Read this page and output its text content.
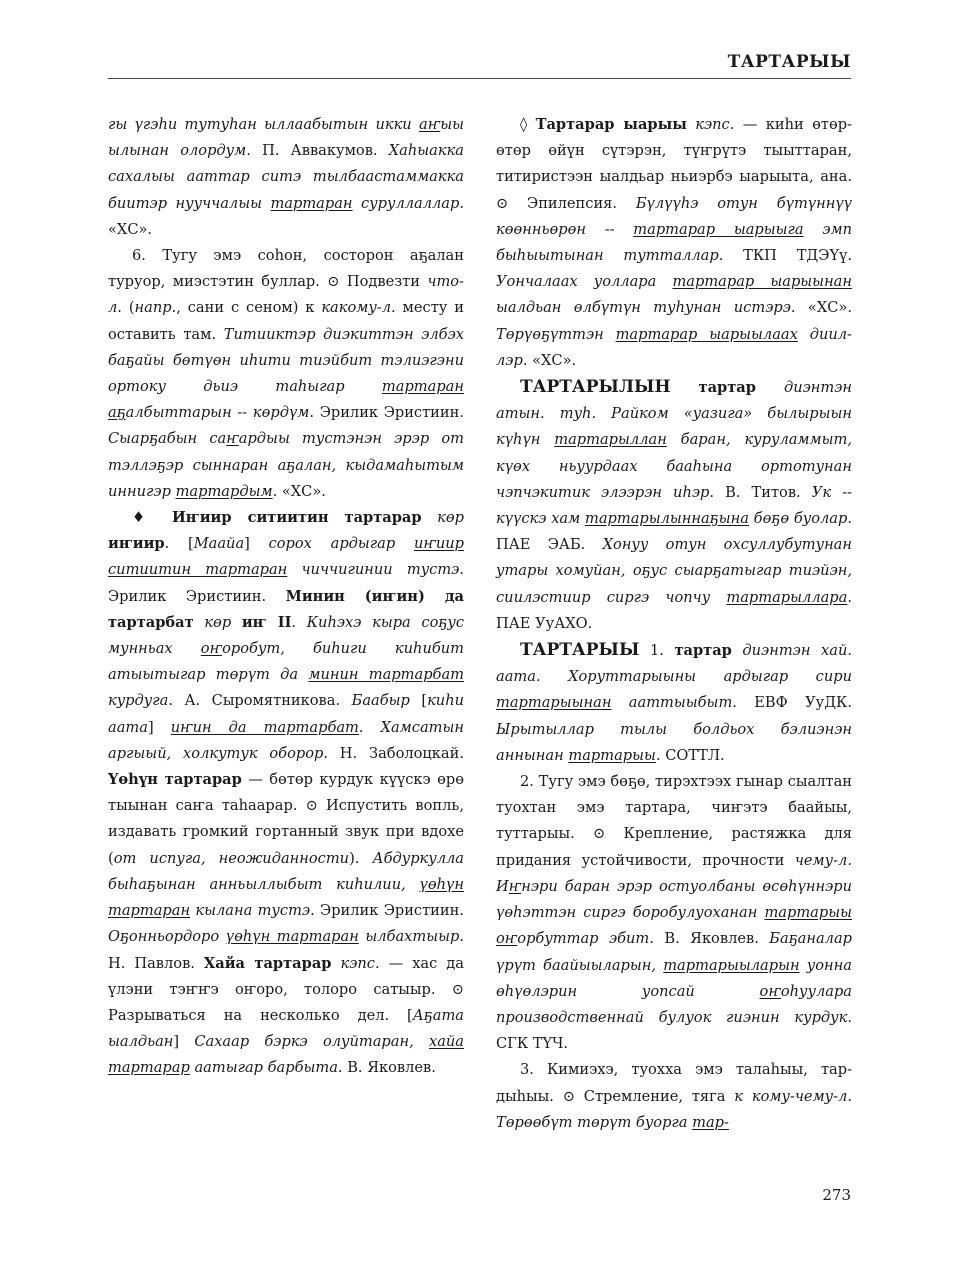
ТАРТАРЫЫ

гы үгэһи тутуһан ыллаабытын икки аҥыы ылынан олордум. П. Аввакумов. Хаһыакка сахалыы ааттар ситэ тылбаастаммакка биитэр нууччалыы тартаран суруллаллар. «ХС».

6. Тугу эмэ соһон, состорон аҕалан туруор, миэстэтин буллар. ⊙ Подвезти что-л. (напр., сани с сеном) к какому-л. месту и оставить там. Титииктэр диэкиттэн элбэх баҕайы бөтүөн иһити тиэйбит тэлиэгэни ортоку дьиэ таһыгар тартаран аҕалбыттарын -- көрдүм. Эрилик Эристиин. Сыарҕабын саҥардыы тустэнэн эрэр от тэллэҕэр сыннаран аҕалан, кыдамаһытым иннигэр тартардым. «ХС».

♦ Иҥиир ситиитин тартарар көр иҥиир. [Маайа] сорох ардыгар иҥиир ситиитин тартаран чиччигинии тустэ. Эрилик Эристиин. Минин (иҥин) да тартарбат көр иҥ II. Киһэхэ кыра соҕус мунньах оҥоробут, биһиги киһибит атыытыгар төрүт да минин тартарбат курдуга. А. Сыромятникова. Баабыр [киһи аата] иҥин да тартарбат. Хамсатын аргыый, холкутук оборор. Н. Заболоцкай. Үөһүн тартарар — бөтөр курдук күүскэ өрө тыынан саҥа таһаарар. ⊙ Испустить вопль, издавать громкий гортанный звук при вдохе (от испуга, неожиданности). Абдуркулла быһаҕынан анньыллыбыт киһилии, үөһүн тартаран кылана тустэ. Эрилик Эристиин. Оҕонньордоро үөһүн тартаран ылбахтыыр. Н. Павлов. Хайа тартарар кэпс. — хас да үлэни тэҥҥэ оҥоро, толоро сатыыр. ⊙ Разрываться на несколько дел. [Аҕата ыалдьан] Сахаар бэркэ олуйтаран, хайа тартарар аатыгар барбыта. В. Яковлев.

◊ Тартарар ыарыы кэпс. — киһи өтөр-өтөр өйүн сүтэрэн, түҥрүтэ тыыттаран, титиристээн ыалдьар ньиэрбэ ыарыыта, ана. ⊙ Эпилепсия. Бүлүүһэ отун бүтүннүү көөнньөрөн -- тартарар ыарыыга эмп быһыытынан тутталлар. ТКП ТДЭҮү. Уончалаах уоллара тартарар ыарыынан ыалдьан өлбүтүн туһунан истэрэ. «ХС». Төрүөҕүттэн тартарар ыарыылаах дииллэр. «ХС».

ТАРТАРЫЛЫН тартар диэнтэн атын. туһ. Райком «уазига» былырыын күһүн тартарыллан баран, куруламмыт, күөх ньуурдаах бааһына ортотунан чэпчэкитик элээрэн иһэр. В. Титов. Ук -- күүскэ хам тартарылыннаҕына бөҕө буолар. ПАЕ ЭАБ. Хонуу отун охсуллубутунан утары хомуйан, оҕус сыарҕатыгар тиэйэн, сиилэстиир сиргэ чопчу тартарыллара. ПАЕ УуАХО.

ТАРТАРЫЫ 1. тартар диэнтэн хай. аата. Хоруттарыыны ардыгар сири тартарыынан ааттыыбыт. ЕВФ УуДК. Ырытыллар тылы болдьох бэлиэнэн аннынан тартарыы. СОТТЛ.

2. Тугу эмэ бөҕө, тирэхтээх гынар сыалтан туохтан эмэ тартара, чиҥэтэ баайыы, туттарыы. ⊙ Крепление, растяжка для придания устойчивости, прочности чему-л. Иҥнэри баран эрэр остуолбаны өсөһүннэри үөһэттэн сиргэ боробулуоханан тартарыы оҥорбуттар эбит. В. Яковлев. Баҕаналар үрүт баайыыларын, тартарыыларын уонна өһүөлэрин уопсай оҥоһуулара производственнай булуок гиэнин курдук. СГК ТҮЧ.

3. Кимиэхэ, туохха эмэ талаһыы, тардыһыы. ⊙ Стремление, тяга к кому-чему-л. Төрөөбүт төрүт буорга тар-

273
